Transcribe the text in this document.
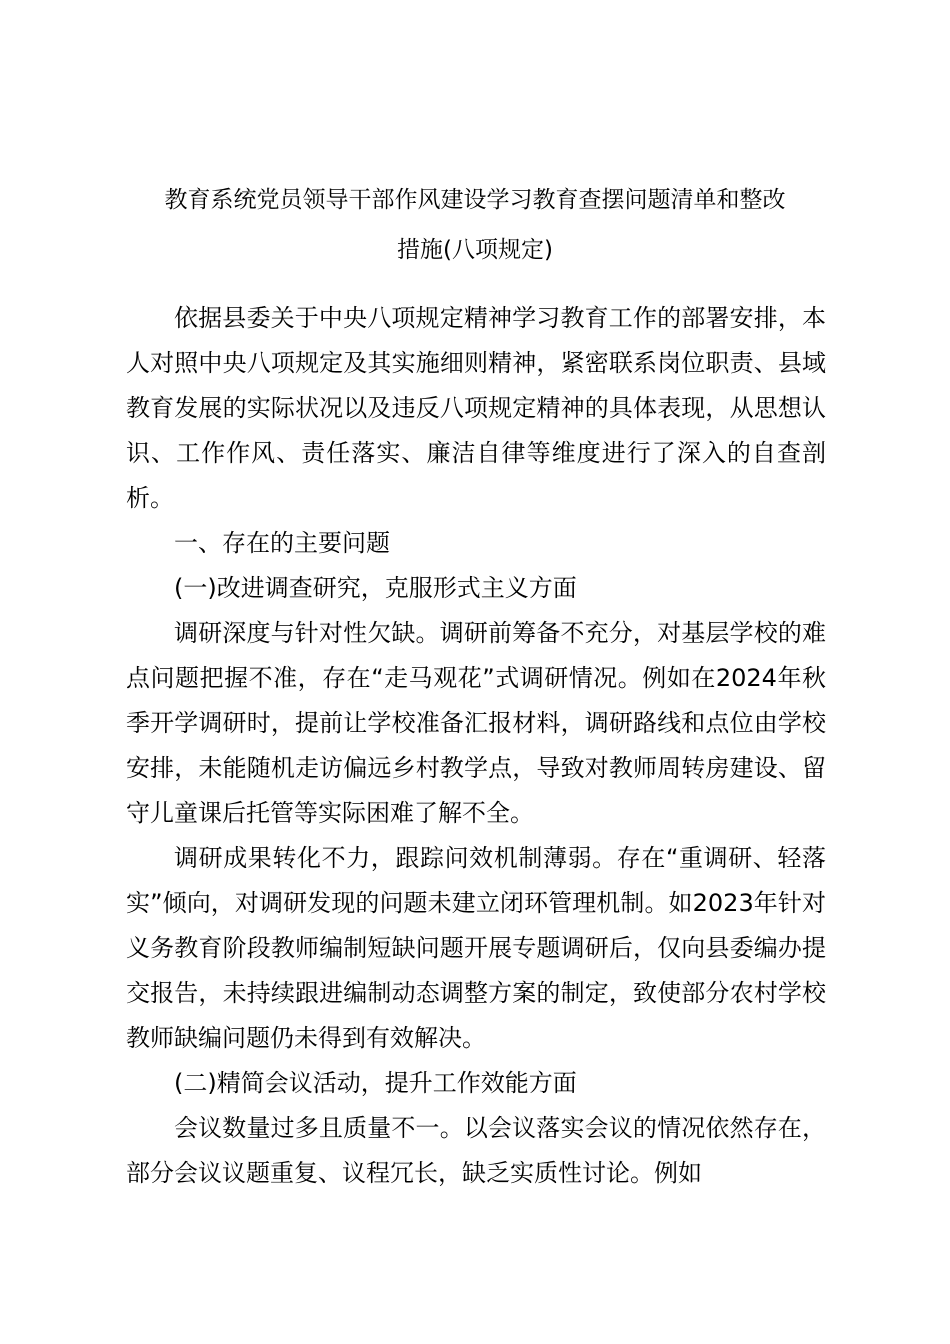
教育系统党员领导干部作风建设学习教育查摆问题清单和整改
措施(八项规定)

依据县委关于中央八项规定精神学习教育工作的部署安排，本人对照中央八项规定及其实施细则精神，紧密联系岗位职责、县域教育发展的实际状况以及违反八项规定精神的具体表现，从思想认识、工作作风、责任落实、廉洁自律等维度进行了深入的自查剖析。

一、存在的主要问题

(一)改进调查研究，克服形式主义方面

调研深度与针对性欠缺。调研前筹备不充分，对基层学校的难点问题把握不准，存在“走马观花”式调研情况。例如在2024年秋季开学调研时，提前让学校准备汇报材料，调研路线和点位由学校安排，未能随机走访偏远乡村教学点，导致对教师周转房建设、留守儿童课后托管等实际困难了解不全。

调研成果转化不力，跟踪问效机制薄弱。存在“重调研、轻落实”倾向，对调研发现的问题未建立闭环管理机制。如2023年针对义务教育阶段教师编制短缺问题开展专题调研后，仅向县委编办提交报告，未持续跟进编制动态调整方案的制定，致使部分农村学校教师缺编问题仍未得到有效解决。

(二)精简会议活动，提升工作效能方面

会议数量过多且质量不一。以会议落实会议的情况依然存在，部分会议议题重复、议程冗长，缺乏实质性讨论。例如
